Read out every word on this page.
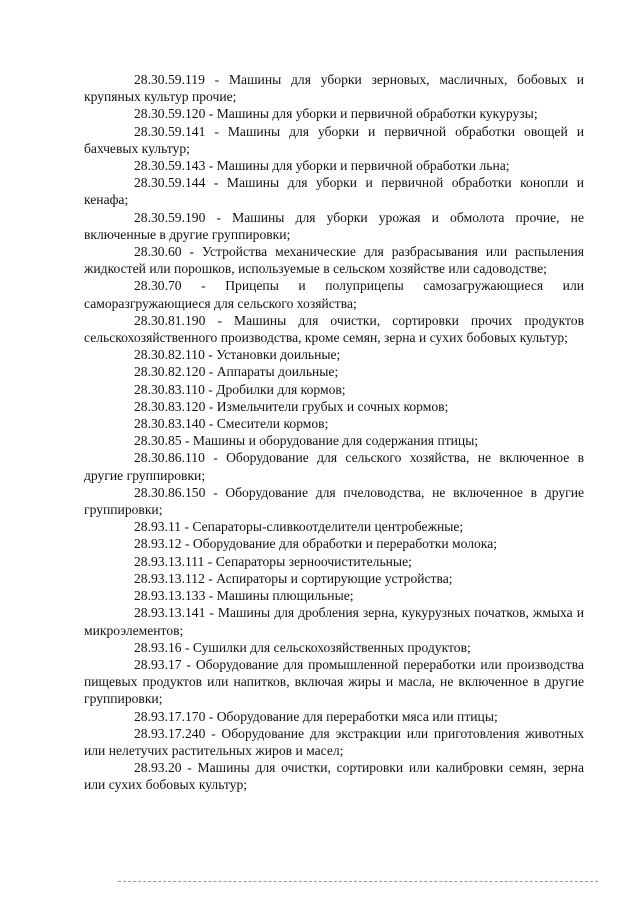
28.30.59.119 - Машины для уборки зерновых, масличных, бобовых и крупяных культур прочие;

28.30.59.120 - Машины для уборки и первичной обработки кукурузы;

28.30.59.141 - Машины для уборки и первичной обработки овощей и бахчевых культур;

28.30.59.143 - Машины для уборки и первичной обработки льна;

28.30.59.144 - Машины для уборки и первичной обработки конопли и кенафа;

28.30.59.190 - Машины для уборки урожая и обмолота прочие, не включенные в другие группировки;

28.30.60 - Устройства механические для разбрасывания или распыления жидкостей или порошков, используемые в сельском хозяйстве или садоводстве;

28.30.70 - Прицепы и полуприцепы самозагружающиеся или саморазгружающиеся для сельского хозяйства;

28.30.81.190 - Машины для очистки, сортировки прочих продуктов сельскохозяйственного производства, кроме семян, зерна и сухих бобовых культур;

28.30.82.110 - Установки доильные;

28.30.82.120 - Аппараты доильные;

28.30.83.110 - Дробилки для кормов;

28.30.83.120 - Измельчители грубых и сочных кормов;

28.30.83.140 - Смесители кормов;

28.30.85 - Машины и оборудование для содержания птицы;

28.30.86.110 - Оборудование для сельского хозяйства, не включенное в другие группировки;

28.30.86.150 - Оборудование для пчеловодства, не включенное в другие группировки;

28.93.11 - Сепараторы-сливкоотделители центробежные;

28.93.12 - Оборудование для обработки и переработки молока;

28.93.13.111 - Сепараторы зерноочистительные;

28.93.13.112 - Аспираторы и сортирующие устройства;

28.93.13.133 - Машины плющильные;

28.93.13.141 - Машины для дробления зерна, кукурузных початков, жмыха и микроэлементов;

28.93.16 - Сушилки для сельскохозяйственных продуктов;

28.93.17 - Оборудование для промышленной переработки или производства пищевых продуктов или напитков, включая жиры и масла, не включенное в другие группировки;

28.93.17.170 - Оборудование для переработки мяса или птицы;

28.93.17.240 - Оборудование для экстракции или приготовления животных или нелетучих растительных жиров и масел;

28.93.20 - Машины для очистки, сортировки или калибровки семян, зерна или сухих бобовых культур;
